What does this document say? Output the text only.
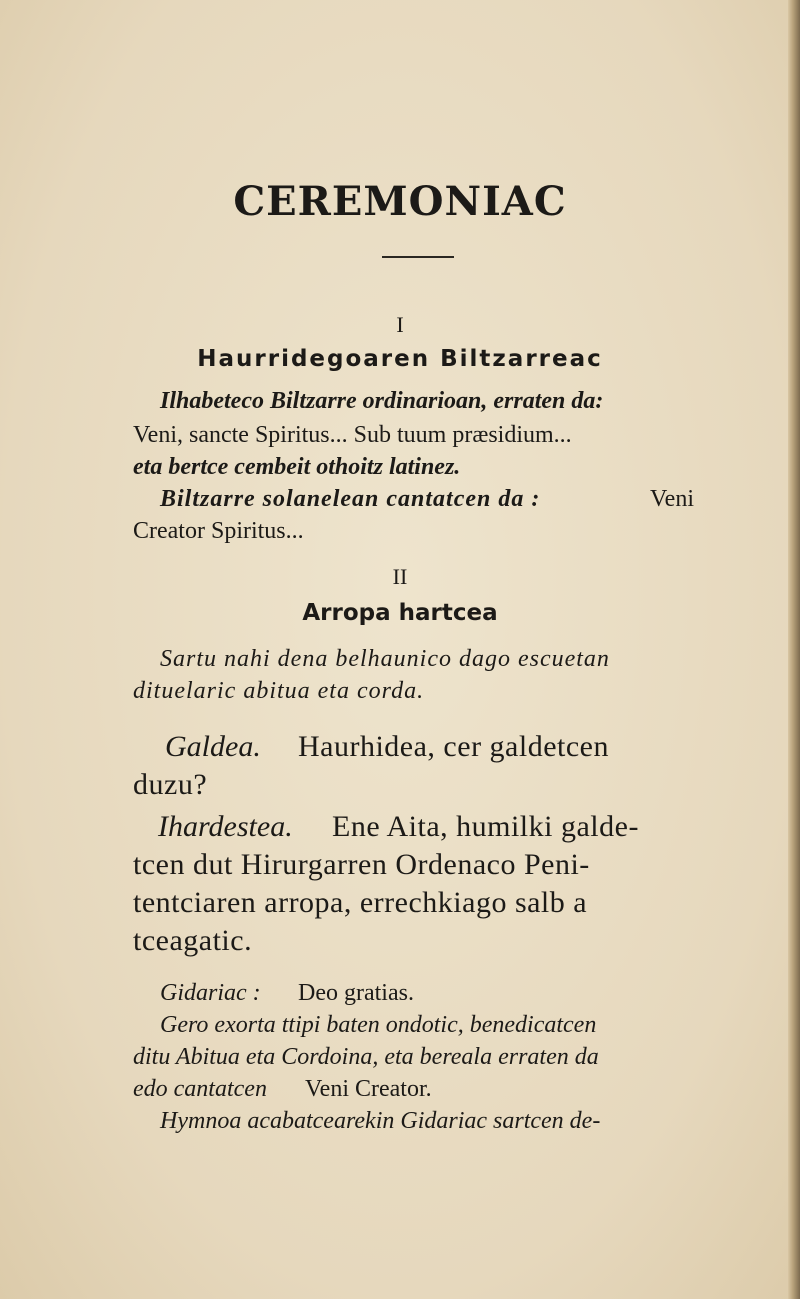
CEREMONIAC
I
Haurridegoaren Biltzarreac
Ilhabeteco Biltzarre ordinarioan, erraten da:
Veni, sancte Spiritus... Sub tuum præsidium...
eta bertce cembeit othoitz latinez.
Biltzarre solanelean cantatcen da :	Veni
Creator Spiritus...
II
Arropa hartcea
Sartu nahi dena belhaunico dago escuetan
dituelaric abitua eta corda.
Galdea. Haurhidea, cer galdetcen
duzu?
Ihardestea. Ene Aita, humilki galde-
tcen dut Hirurgarren Ordenaco Peni-
tentciaren arropa, errechkiago salb a
tceagatic.
Gidariac : Deo gratias.
Gero exorta ttipi baten ondotic, benedicatcen
ditu Abitua eta Cordoina, eta bereala erraten da
edo cantatcen Veni Creator.
Hymnoa acabatcearekin Gidariac sartcen de-
